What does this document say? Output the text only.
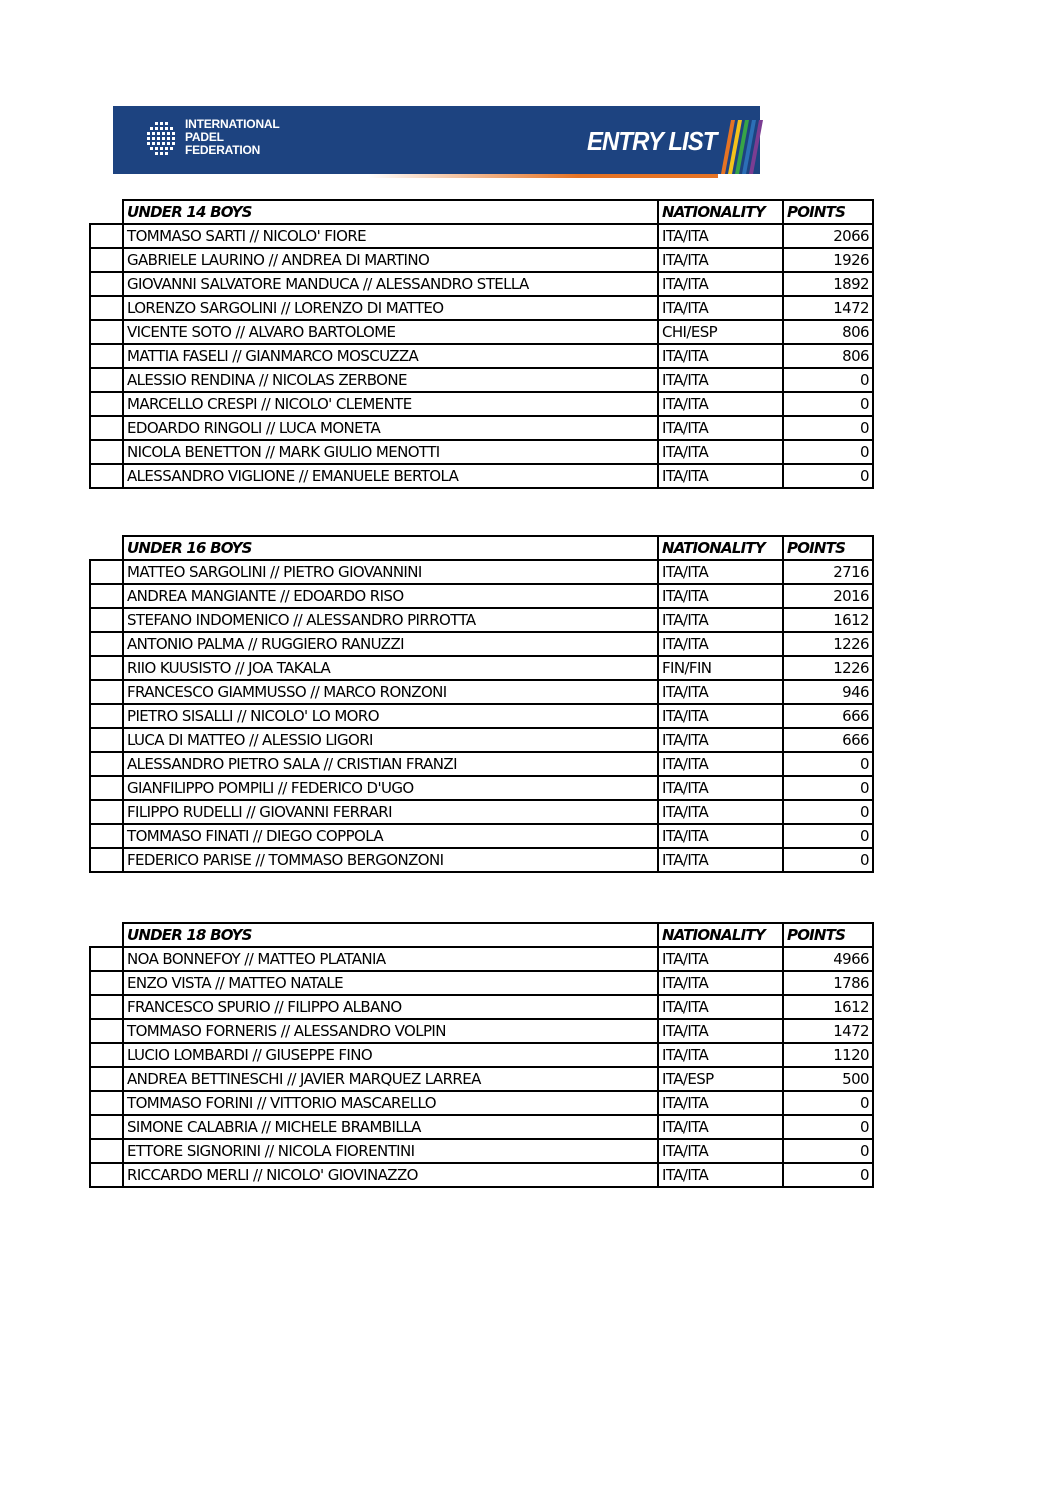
INTERNATIONAL
PADEL
FEDERATION	ENTRY LIST
	UNDER 14 BOYS	NATIONALITY	POINTS
	TOMMASO SARTI // NICOLO' FIORE	ITA/ITA	2066
	GABRIELE LAURINO // ANDREA DI MARTINO	ITA/ITA	1926
	GIOVANNI SALVATORE MANDUCA // ALESSANDRO STELLA	ITA/ITA	1892
	LORENZO SARGOLINI // LORENZO DI MATTEO	ITA/ITA	1472
	VICENTE SOTO // ALVARO BARTOLOME	CHI/ESP	806
	MATTIA FASELI // GIANMARCO MOSCUZZA	ITA/ITA	806
	ALESSIO RENDINA // NICOLAS ZERBONE	ITA/ITA	0
	MARCELLO CRESPI // NICOLO' CLEMENTE	ITA/ITA	0
	EDOARDO RINGOLI // LUCA MONETA	ITA/ITA	0
	NICOLA BENETTON // MARK GIULIO MENOTTI	ITA/ITA	0
	ALESSANDRO VIGLIONE // EMANUELE BERTOLA	ITA/ITA	0
	UNDER 16 BOYS	NATIONALITY	POINTS
	MATTEO SARGOLINI // PIETRO GIOVANNINI	ITA/ITA	2716
	ANDREA MANGIANTE // EDOARDO RISO	ITA/ITA	2016
	STEFANO INDOMENICO // ALESSANDRO PIRROTTA	ITA/ITA	1612
	ANTONIO PALMA // RUGGIERO RANUZZI	ITA/ITA	1226
	RIIO KUUSISTO // JOA TAKALA	FIN/FIN	1226
	FRANCESCO GIAMMUSSO // MARCO RONZONI	ITA/ITA	946
	PIETRO SISALLI // NICOLO' LO MORO	ITA/ITA	666
	LUCA DI MATTEO // ALESSIO LIGORI	ITA/ITA	666
	ALESSANDRO PIETRO SALA // CRISTIAN FRANZI	ITA/ITA	0
	GIANFILIPPO POMPILI // FEDERICO D'UGO	ITA/ITA	0
	FILIPPO RUDELLI // GIOVANNI FERRARI	ITA/ITA	0
	TOMMASO FINATI // DIEGO COPPOLA	ITA/ITA	0
	FEDERICO PARISE // TOMMASO BERGONZONI	ITA/ITA	0
	UNDER 18 BOYS	NATIONALITY	POINTS
	NOA BONNEFOY // MATTEO PLATANIA	ITA/ITA	4966
	ENZO VISTA // MATTEO NATALE	ITA/ITA	1786
	FRANCESCO SPURIO // FILIPPO ALBANO	ITA/ITA	1612
	TOMMASO FORNERIS // ALESSANDRO VOLPIN	ITA/ITA	1472
	LUCIO LOMBARDI // GIUSEPPE FINO	ITA/ITA	1120
	ANDREA BETTINESCHI // JAVIER MARQUEZ LARREA	ITA/ESP	500
	TOMMASO FORINI // VITTORIO MASCARELLO	ITA/ITA	0
	SIMONE CALABRIA // MICHELE BRAMBILLA	ITA/ITA	0
	ETTORE SIGNORINI // NICOLA FIORENTINI	ITA/ITA	0
	RICCARDO MERLI // NICOLO' GIOVINAZZO	ITA/ITA	0
